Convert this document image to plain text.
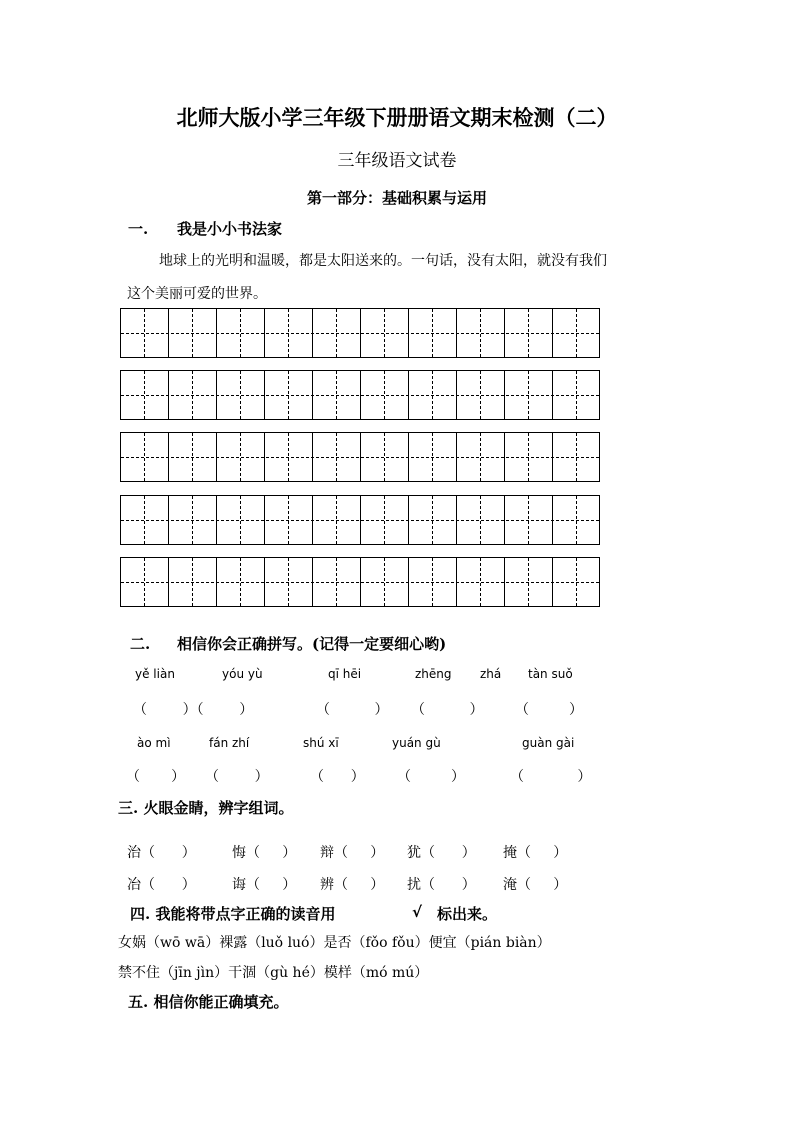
北师大版小学三年级下册册语文期末检测（二）
三年级语文试卷
第一部分：基础积累与运用
一. 我是小小书法家
地球上的光明和温暖，都是太阳送来的。一句话，没有太阳，就没有我们
这个美丽可爱的世界。
二. 相信你会正确拼写。(记得一定要细心哟)
yě liàn	yóu yù	qī hēi	zhēng zhá tàn suǒ
（        ）（        ）	（          ） （          ） （         ）
ào mì	fán zhí	shú xī	yuán gù	guàn gài
（       ） （        ）	（      ） （         ）	（            ）
三. 火眼金睛，辨字组词。
治（      ）	悔（     ） 辩（     ） 犹（      ） 掩（     ）
冶（      ）	诲（     ） 辨（     ） 扰（      ） 淹（     ）
四. 我能将带点字正确的读音用	√ 标出来。
女娲（wō wā）裸露（luǒ luó）是否（fǒo fǒu）便宜（pián biàn）
禁不住（jīn jìn）干涸（gù hé）模样（mó mú）
五. 相信你能正确填充。
